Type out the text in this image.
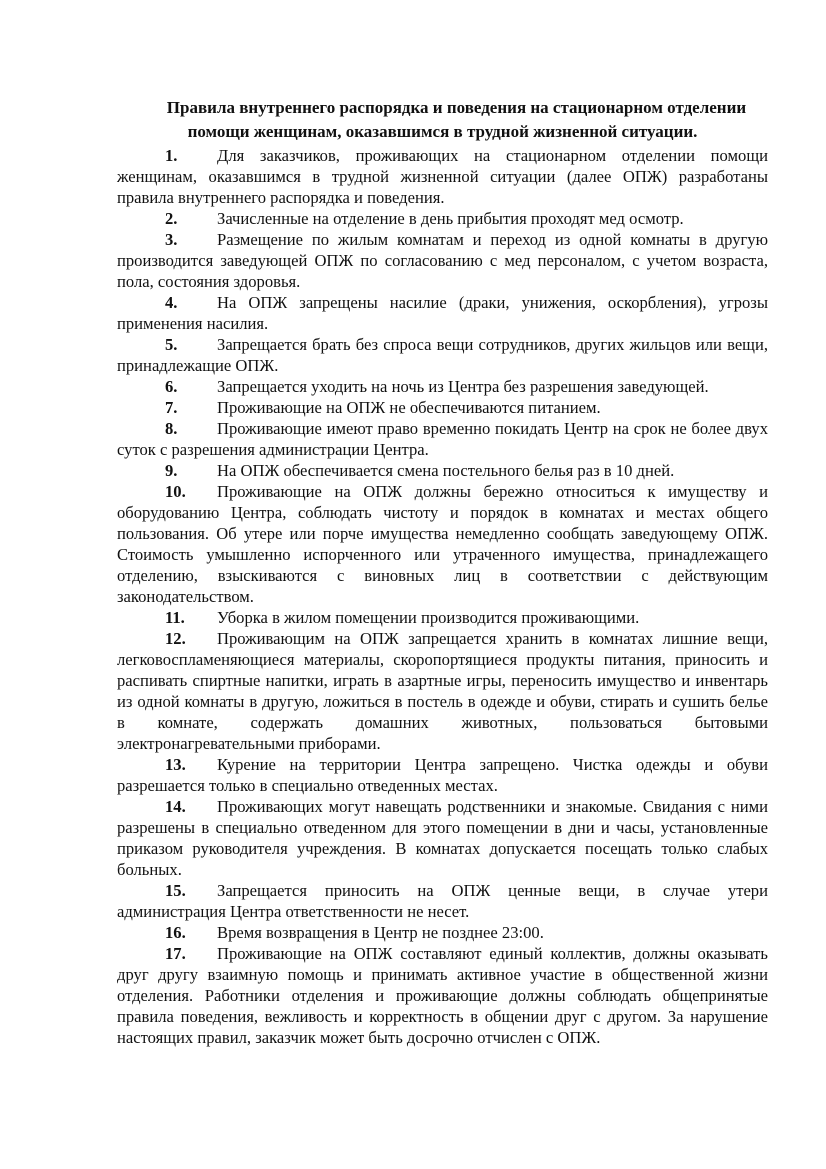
Правила внутреннего распорядка и поведения на стационарном отделении помощи женщинам, оказавшимся в трудной жизненной ситуации.

1. Для заказчиков, проживающих на стационарном отделении помощи женщинам, оказавшимся в трудной жизненной ситуации (далее ОПЖ) разработаны правила внутреннего распорядка и поведения.

2. Зачисленные на отделение в день прибытия проходят мед осмотр.

3. Размещение по жилым комнатам и переход из одной комнаты в другую производится заведующей ОПЖ по согласованию с мед персоналом, с учетом возраста, пола, состояния здоровья.

4. На ОПЖ запрещены насилие (драки, унижения, оскорбления), угрозы применения насилия.

5. Запрещается брать без спроса вещи сотрудников, других жильцов или вещи, принадлежащие ОПЖ.

6. Запрещается уходить на ночь из Центра без разрешения заведующей.

7. Проживающие на ОПЖ не обеспечиваются питанием.

8. Проживающие имеют право временно покидать Центр на срок не более двух суток с разрешения администрации Центра.

9. На ОПЖ обеспечивается смена постельного белья раз в 10 дней.

10. Проживающие на ОПЖ должны бережно относиться к имуществу и оборудованию Центра, соблюдать чистоту и порядок в комнатах и местах общего пользования. Об утере или порче имущества немедленно сообщать заведующему ОПЖ. Стоимость умышленно испорченного или утраченного имущества, принадлежащего отделению, взыскиваются с виновных лиц в соответствии с действующим законодательством.

11. Уборка в жилом помещении производится проживающими.

12. Проживающим на ОПЖ запрещается хранить в комнатах лишние вещи, легковоспламеняющиеся материалы, скоропортящиеся продукты питания, приносить и распивать спиртные напитки, играть в азартные игры, переносить имущество и инвентарь из одной комнаты в другую, ложиться в постель в одежде и обуви, стирать и сушить белье в комнате, содержать домашних животных, пользоваться бытовыми электронагревательными приборами.

13. Курение на территории Центра запрещено. Чистка одежды и обуви разрешается только в специально отведенных местах.

14. Проживающих могут навещать родственники и знакомые. Свидания с ними разрешены в специально отведенном для этого помещении в дни и часы, установленные приказом руководителя учреждения. В комнатах допускается посещать только слабых больных.

15. Запрещается приносить на ОПЖ ценные вещи, в случае утери администрация Центра ответственности не несет.

16. Время возвращения в Центр не позднее 23:00.

17. Проживающие на ОПЖ составляют единый коллектив, должны оказывать друг другу взаимную помощь и принимать активное участие в общественной жизни отделения. Работники отделения и проживающие должны соблюдать общепринятые правила поведения, вежливость и корректность в общении друг с другом. За нарушение настоящих правил, заказчик может быть досрочно отчислен с ОПЖ.
